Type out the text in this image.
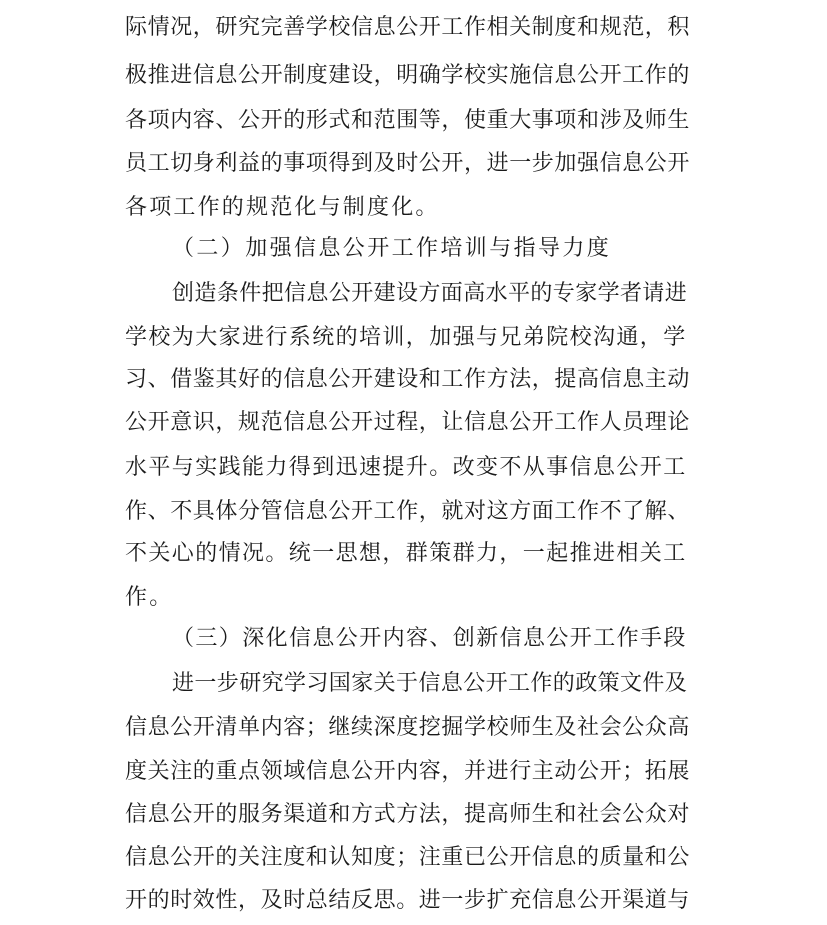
际情况，研究完善学校信息公开工作相关制度和规范，积
极推进信息公开制度建设，明确学校实施信息公开工作的
各项内容、公开的形式和范围等，使重大事项和涉及师生
员工切身利益的事项得到及时公开，进一步加强信息公开
各项工作的规范化与制度化。
（二）加强信息公开工作培训与指导力度
创造条件把信息公开建设方面高水平的专家学者请进
学校为大家进行系统的培训，加强与兄弟院校沟通，学
习、借鉴其好的信息公开建设和工作方法，提高信息主动
公开意识，规范信息公开过程，让信息公开工作人员理论
水平与实践能力得到迅速提升。改变不从事信息公开工
作、不具体分管信息公开工作，就对这方面工作不了解、
不关心的情况。统一思想，群策群力，一起推进相关工
作。
（三）深化信息公开内容、创新信息公开工作手段
进一步研究学习国家关于信息公开工作的政策文件及
信息公开清单内容；继续深度挖掘学校师生及社会公众高
度关注的重点领域信息公开内容，并进行主动公开；拓展
信息公开的服务渠道和方式方法，提高师生和社会公众对
信息公开的关注度和认知度；注重已公开信息的质量和公
开的时效性，及时总结反思。进一步扩充信息公开渠道与
